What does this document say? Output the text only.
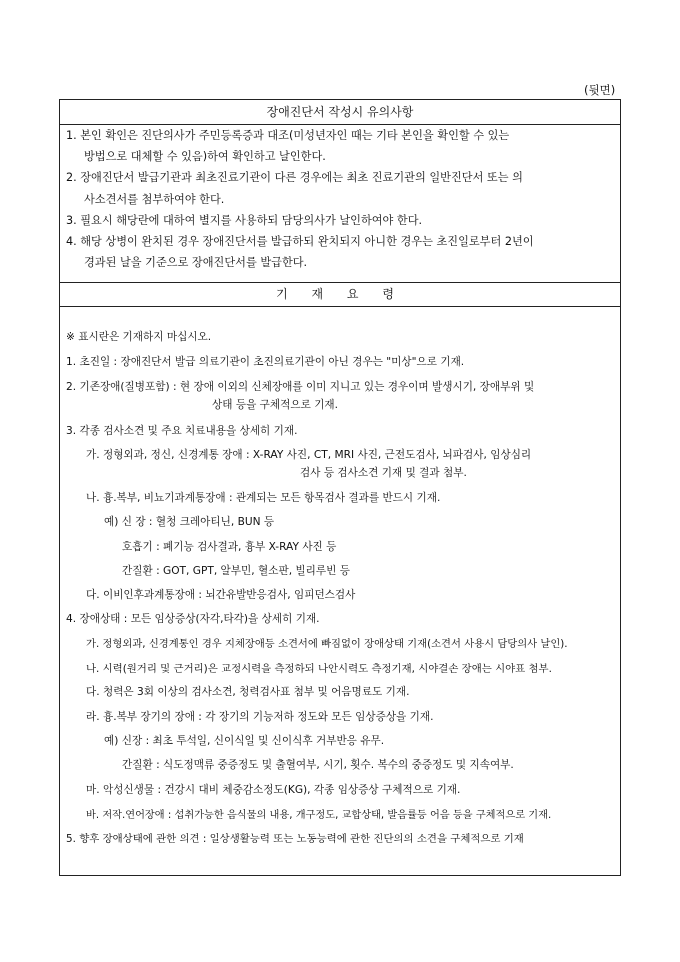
(뒷면)
장애진단서 작성시 유의사항
1. 본인 확인은 진단의사가 주민등록증과 대조(미성년자인 때는 기타 본인을 확인할 수 있는
방법으로 대체할 수 있음)하여 확인하고 날인한다.
2. 장애진단서 발급기관과 최초진료기관이 다른 경우에는 최초 진료기관의 일반진단서 또는 의
사소견서를 첨부하여야 한다.
3. 필요시 해당란에 대하여 별지를 사용하되 담당의사가 날인하여야 한다.
4. 해당 상병이 완치된 경우 장애진단서를 발급하되 완치되지 아니한 경우는 초진일로부터 2년이
경과된 날을 기준으로 장애진단서를 발급한다.
기 재 요 령
※ 표시란은 기재하지 마십시오.
1. 초진일 : 장애진단서 발급 의료기관이 초진의료기관이 아닌 경우는 "미상"으로 기재.
2. 기존장애(질병포함) : 현 장애 이외의 신체장애를 이미 지니고 있는 경우이며 발생시기, 장애부위 및
상태 등을 구체적으로 기재.
3. 각종 검사소견 및 주요 치료내용을 상세히 기재.
가. 정형외과, 정신, 신경계통 장애 : X-RAY 사진, CT, MRI 사진, 근전도검사, 뇌파검사, 임상심리
검사 등 검사소견 기재 및 결과 첨부.
나. 흉.복부, 비뇨기과계통장애 : 관계되는 모든 항목검사 결과를 반드시 기재.
예) 신 장 : 혈청 크레아티닌, BUN 등
호흡기 : 폐기능 검사결과, 흉부 X-RAY 사진 등
간질환 : GOT, GPT, 알부민, 혈소판, 빌리루빈 등
다. 이비인후과계통장애 : 뇌간유발반응검사, 임피던스검사
4. 장애상태 : 모든 임상증상(자각,타각)을 상세히 기재.
가. 정형외과, 신경계통인 경우 지체장애등 소견서에 빠짐없이 장애상태 기재(소견서 사용시 담당의사 날인).
나. 시력(원거리 및 근거리)은 교정시력을 측정하되 나안시력도 측정기재, 시야결손 장애는 시야표 첨부.
다. 청력은 3회 이상의 검사소견, 청력검사표 첨부 및 어음명료도 기재.
라. 흉.복부 장기의 장애 : 각 장기의 기능저하 정도와 모든 임상증상을 기재.
예) 신장 : 최초 투석일, 신이식일 및 신이식후 거부반응 유무.
간질환 : 식도정맥류 중증정도 및 출혈여부, 시기, 횟수. 복수의 중증정도 및 지속여부.
마. 악성신생물 : 건강시 대비 체중감소정도(KG), 각종 임상증상 구체적으로 기재.
바. 저작.연어장애 : 섭취가능한 음식물의 내용, 개구정도, 교합상태, 발음률등 어음 등을 구체적으로 기재.
5. 향후 장애상태에 관한 의견 : 일상생활능력 또는 노동능력에 관한 진단의의 소견을 구체적으로 기재
